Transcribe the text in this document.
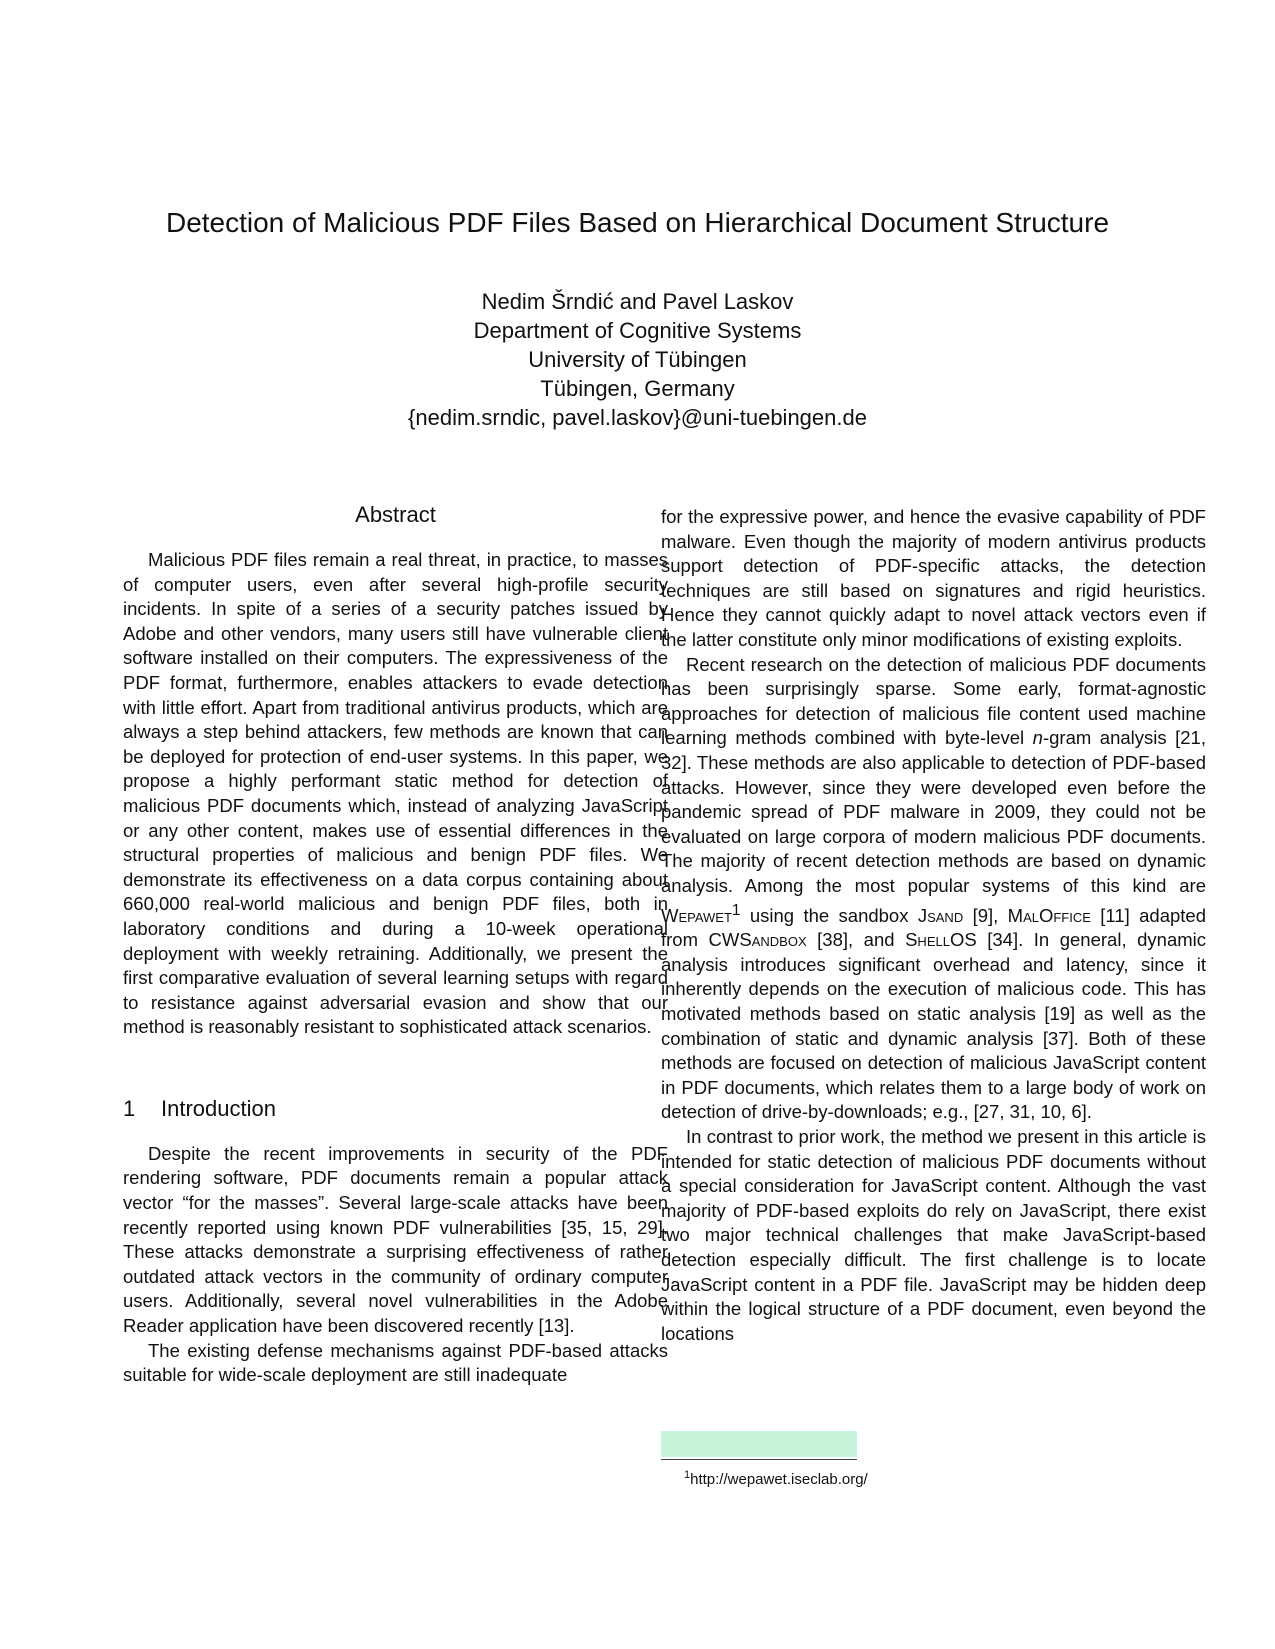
Detection of Malicious PDF Files Based on Hierarchical Document Structure
Nedim Šrndić and Pavel Laskov
Department of Cognitive Systems
University of Tübingen
Tübingen, Germany
{nedim.srndic, pavel.laskov}@uni-tuebingen.de
Abstract

Malicious PDF files remain a real threat, in practice, to masses of computer users, even after several high-profile security incidents. In spite of a series of a security patches issued by Adobe and other vendors, many users still have vulnerable client software installed on their computers. The expressiveness of the PDF format, furthermore, enables attackers to evade detection with little effort. Apart from traditional antivirus products, which are always a step behind attackers, few methods are known that can be deployed for protection of end-user systems. In this paper, we propose a highly performant static method for detection of malicious PDF documents which, instead of analyzing JavaScript or any other content, makes use of essential differences in the structural properties of malicious and benign PDF files. We demonstrate its effectiveness on a data corpus containing about 660,000 real-world malicious and benign PDF files, both in laboratory conditions and during a 10-week operational deployment with weekly retraining. Additionally, we present the first comparative evaluation of several learning setups with regard to resistance against adversarial evasion and show that our method is reasonably resistant to sophisticated attack scenarios.

1 Introduction

Despite the recent improvements in security of the PDF rendering software, PDF documents remain a popular attack vector “for the masses”. Several large-scale attacks have been recently reported using known PDF vulnerabilities [35, 15, 29]. These attacks demonstrate a surprising effectiveness of rather outdated attack vectors in the community of ordinary computer users. Additionally, several novel vulnerabilities in the Adobe Reader application have been discovered recently [13].

The existing defense mechanisms against PDF-based attacks suitable for wide-scale deployment are still inadequate

for the expressive power, and hence the evasive capability of PDF malware. Even though the majority of modern antivirus products support detection of PDF-specific attacks, the detection techniques are still based on signatures and rigid heuristics. Hence they cannot quickly adapt to novel attack vectors even if the latter constitute only minor modifications of existing exploits.

Recent research on the detection of malicious PDF documents has been surprisingly sparse. Some early, format-agnostic approaches for detection of malicious file content used machine learning methods combined with byte-level n-gram analysis [21, 32]. These methods are also applicable to detection of PDF-based attacks. However, since they were developed even before the pandemic spread of PDF malware in 2009, they could not be evaluated on large corpora of modern malicious PDF documents. The majority of recent detection methods are based on dynamic analysis. Among the most popular systems of this kind are Wepawet$^1$ using the sandbox Jsand [9], MalOffice [11] adapted from CWSandbox [38], and ShellOS [34]. In general, dynamic analysis introduces significant overhead and latency, since it inherently depends on the execution of malicious code. This has motivated methods based on static analysis [19] as well as the combination of static and dynamic analysis [37]. Both of these methods are focused on detection of malicious JavaScript content in PDF documents, which relates them to a large body of work on detection of drive-by-downloads; e.g., [27, 31, 10, 6].

In contrast to prior work, the method we present in this article is intended for static detection of malicious PDF documents without a special consideration for JavaScript content. Although the vast majority of PDF-based exploits do rely on JavaScript, there exist two major technical challenges that make JavaScript-based detection especially difficult. The first challenge is to locate JavaScript content in a PDF file. JavaScript may be hidden deep within the logical structure of a PDF document, even beyond the locations

$^1$http://wepawet.iseclab.org/
